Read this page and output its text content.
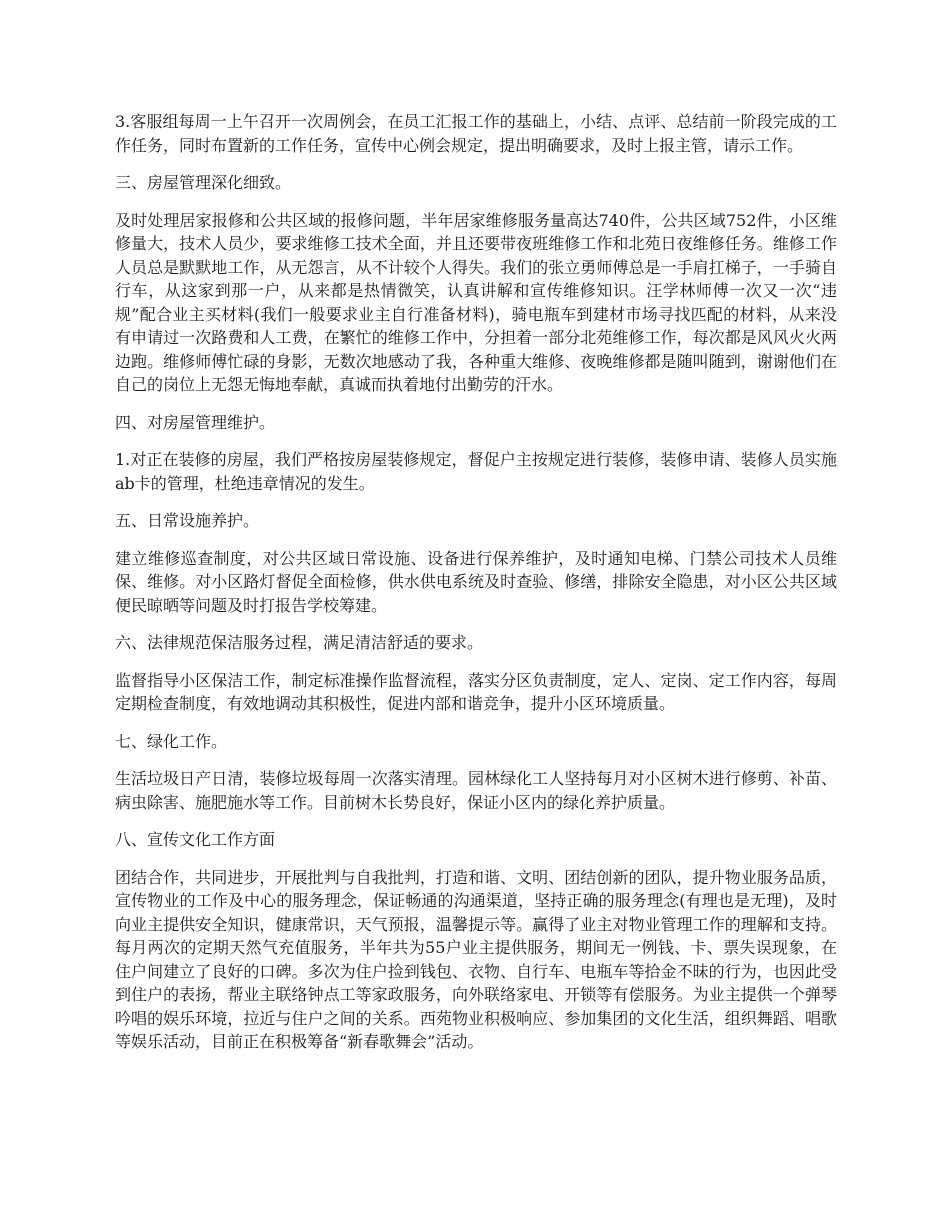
3.客服组每周一上午召开一次周例会，在员工汇报工作的基础上，小结、点评、总结前一阶段完成的工作任务，同时布置新的工作任务，宣传中心例会规定，提出明确要求，及时上报主管，请示工作。

三、房屋管理深化细致。

及时处理居家报修和公共区域的报修问题，半年居家维修服务量高达740件，公共区域752件，小区维修量大，技术人员少，要求维修工技术全面，并且还要带夜班维修工作和北苑日夜维修任务。维修工作人员总是默默地工作，从无怨言，从不计较个人得失。我们的张立勇师傅总是一手肩扛梯子，一手骑自行车，从这家到那一户，从来都是热情微笑，认真讲解和宣传维修知识。汪学林师傅一次又一次“违规”配合业主买材料(我们一般要求业主自行准备材料)，骑电瓶车到建材市场寻找匹配的材料，从来没有申请过一次路费和人工费，在繁忙的维修工作中，分担着一部分北苑维修工作，每次都是风风火火两边跑。维修师傅忙碌的身影，无数次地感动了我，各种重大维修、夜晚维修都是随叫随到，谢谢他们在自己的岗位上无怨无悔地奉献，真诚而执着地付出勤劳的汗水。

四、对房屋管理维护。

1.对正在装修的房屋，我们严格按房屋装修规定，督促户主按规定进行装修，装修申请、装修人员实施ab卡的管理，杜绝违章情况的发生。

五、日常设施养护。

建立维修巡查制度，对公共区域日常设施、设备进行保养维护，及时通知电梯、门禁公司技术人员维保、维修。对小区路灯督促全面检修，供水供电系统及时查验、修缮，排除安全隐患，对小区公共区域便民晾晒等问题及时打报告学校筹建。

六、法律规范保洁服务过程，满足清洁舒适的要求。

监督指导小区保洁工作，制定标准操作监督流程，落实分区负责制度，定人、定岗、定工作内容，每周定期检查制度，有效地调动其积极性，促进内部和谐竞争，提升小区环境质量。

七、绿化工作。

生活垃圾日产日清，装修垃圾每周一次落实清理。园林绿化工人坚持每月对小区树木进行修剪、补苗、病虫除害、施肥施水等工作。目前树木长势良好，保证小区内的绿化养护质量。

八、宣传文化工作方面

团结合作，共同进步，开展批判与自我批判，打造和谐、文明、团结创新的团队，提升物业服务品质，宣传物业的工作及中心的服务理念，保证畅通的沟通渠道，坚持正确的服务理念(有理也是无理)，及时向业主提供安全知识，健康常识，天气预报，温馨提示等。赢得了业主对物业管理工作的理解和支持。每月两次的定期天然气充值服务，半年共为55户业主提供服务，期间无一例钱、卡、票失误现象，在住户间建立了良好的口碑。多次为住户捡到钱包、衣物、自行车、电瓶车等拾金不昧的行为，也因此受到住户的表扬，帮业主联络钟点工等家政服务，向外联络家电、开锁等有偿服务。为业主提供一个弹琴吟唱的娱乐环境，拉近与住户之间的关系。西苑物业积极响应、参加集团的文化生活，组织舞蹈、唱歌等娱乐活动，目前正在积极筹备“新春歌舞会”活动。
